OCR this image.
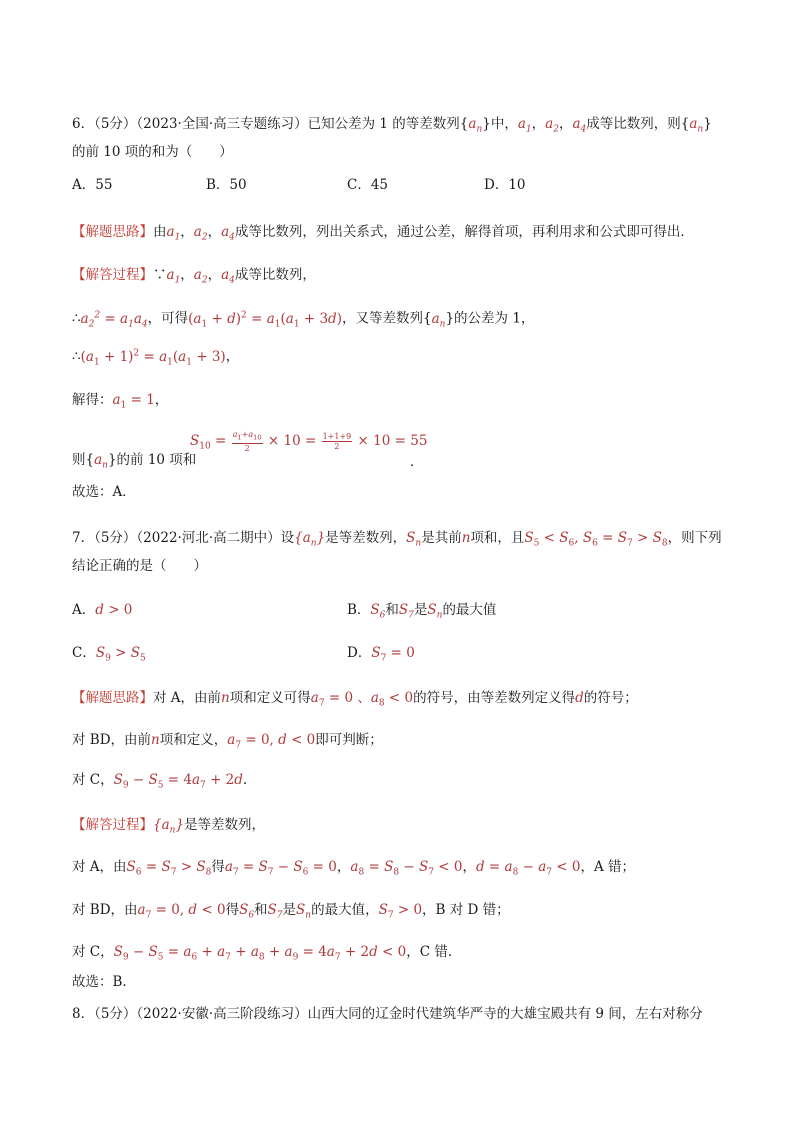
6．（5分）（2023·全国·高三专题练习）已知公差为 1 的等差数列$\{a_n\}$中，$a_1$，$a_2$，$a_4$成等比数列，则$\{a_n\}$
的前 10 项的和为（　　）
A．55	B．50	C．45	D．10
【解题思路】由$a_1$，$a_2$，$a_4$成等比数列，列出关系式，通过公差，解得首项，再利用求和公式即可得出．
【解答过程】$\because a_1$，$a_2$，$a_4$成等比数列，
$\therefore a_2^2 = a_1a_4$，可得$(a_1 + d)^2 = a_1(a_1 + 3d)$，又等差数列$\{a_n\}$的公差为 1，
$\therefore(a_1 + 1)^2 = a_1(a_1 + 3)$，
解得：$a_1 = 1$，
$S_{10} = \frac{a_1+a_{10}}{2} \times 10 = \frac{1+1+9}{2} \times 10 = 55$
则$\{a_n\}$的前 10 项和	．
故选：A．
7．（5分）（2022·河北·高二期中）设$\{a_n\}$是等差数列，$S_n$是其前n项和，且$S_5 < S_6$, $S_6 = S_7 > S_8$，则下列
结论正确的是（　　）
A．d > 0	B．$S_6$和$S_7$是$S_n$的最大值
C．$S_9 > S_5$	D．$S_7 = 0$
【解题思路】对 A，由前n项和定义可得$a_7 = 0$ 、$a_8 < 0$的符号，由等差数列定义得d的符号；
对 BD，由前n项和定义，$a_7 = 0$, d < 0即可判断；
对 C，$S_9 - S_5 = 4a_7 + 2d$.
【解答过程】$\{a_n\}$是等差数列，
对 A，由$S_6 = S_7 > S_8$得$a_7 = S_7 - S_6 = 0$，$a_8 = S_8 - S_7 < 0$，$d = a_8 - a_7 < 0$，A 错；
对 BD，由$a_7 = 0$, d < 0得$S_6$和$S_7$是$S_n$的最大值，$S_7 > 0$，B 对 D 错；
对 C，$S_9 - S_5 = a_6 + a_7 + a_8 + a_9 = 4a_7 + 2d < 0$，C 错.
故选：B.
8．（5分）（2022·安徽·高三阶段练习）山西大同的辽金时代建筑华严寺的大雄宝殿共有 9 间，左右对称分
